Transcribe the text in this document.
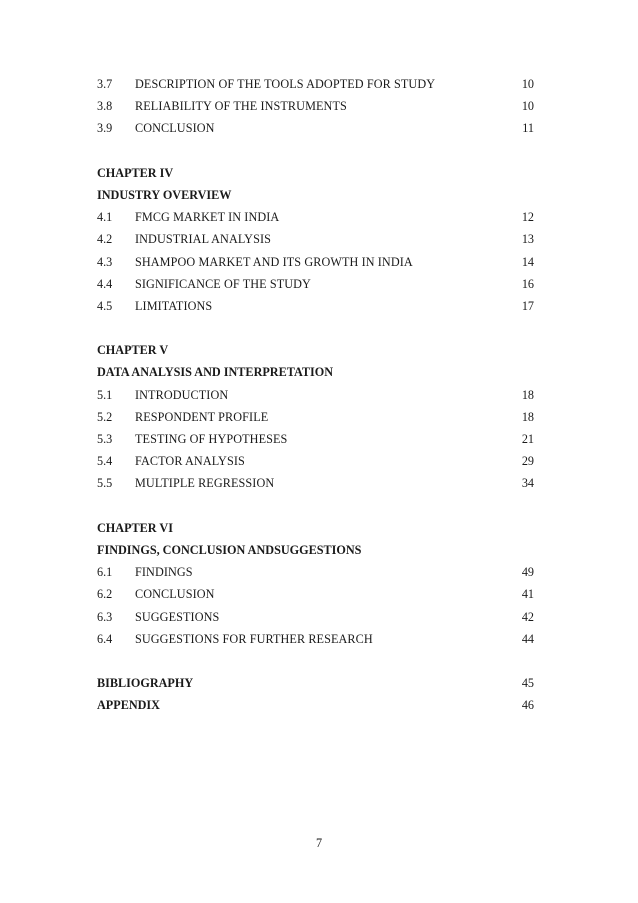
3.7 DESCRIPTION OF THE TOOLS ADOPTED FOR STUDY	10
3.8 RELIABILITY OF THE INSTRUMENTS	10
3.9 CONCLUSION	11
CHAPTER IV
INDUSTRY OVERVIEW
4.1 FMCG MARKET IN INDIA	12
4.2 INDUSTRIAL ANALYSIS	13
4.3 SHAMPOO MARKET AND ITS GROWTH IN INDIA	14
4.4 SIGNIFICANCE OF THE STUDY	16
4.5 LIMITATIONS	17
CHAPTER V
DATA ANALYSIS AND INTERPRETATION
5.1 INTRODUCTION	18
5.2 RESPONDENT PROFILE	18
5.3 TESTING OF HYPOTHESES	21
5.4 FACTOR ANALYSIS	29
5.5 MULTIPLE REGRESSION	34
CHAPTER VI
FINDINGS, CONCLUSION ANDSUGGESTIONS
6.1 FINDINGS	49
6.2 CONCLUSION	41
6.3 SUGGESTIONS	42
6.4 SUGGESTIONS FOR FURTHER RESEARCH	44
BIBLIOGRAPHY	45
APPENDIX	46
7
